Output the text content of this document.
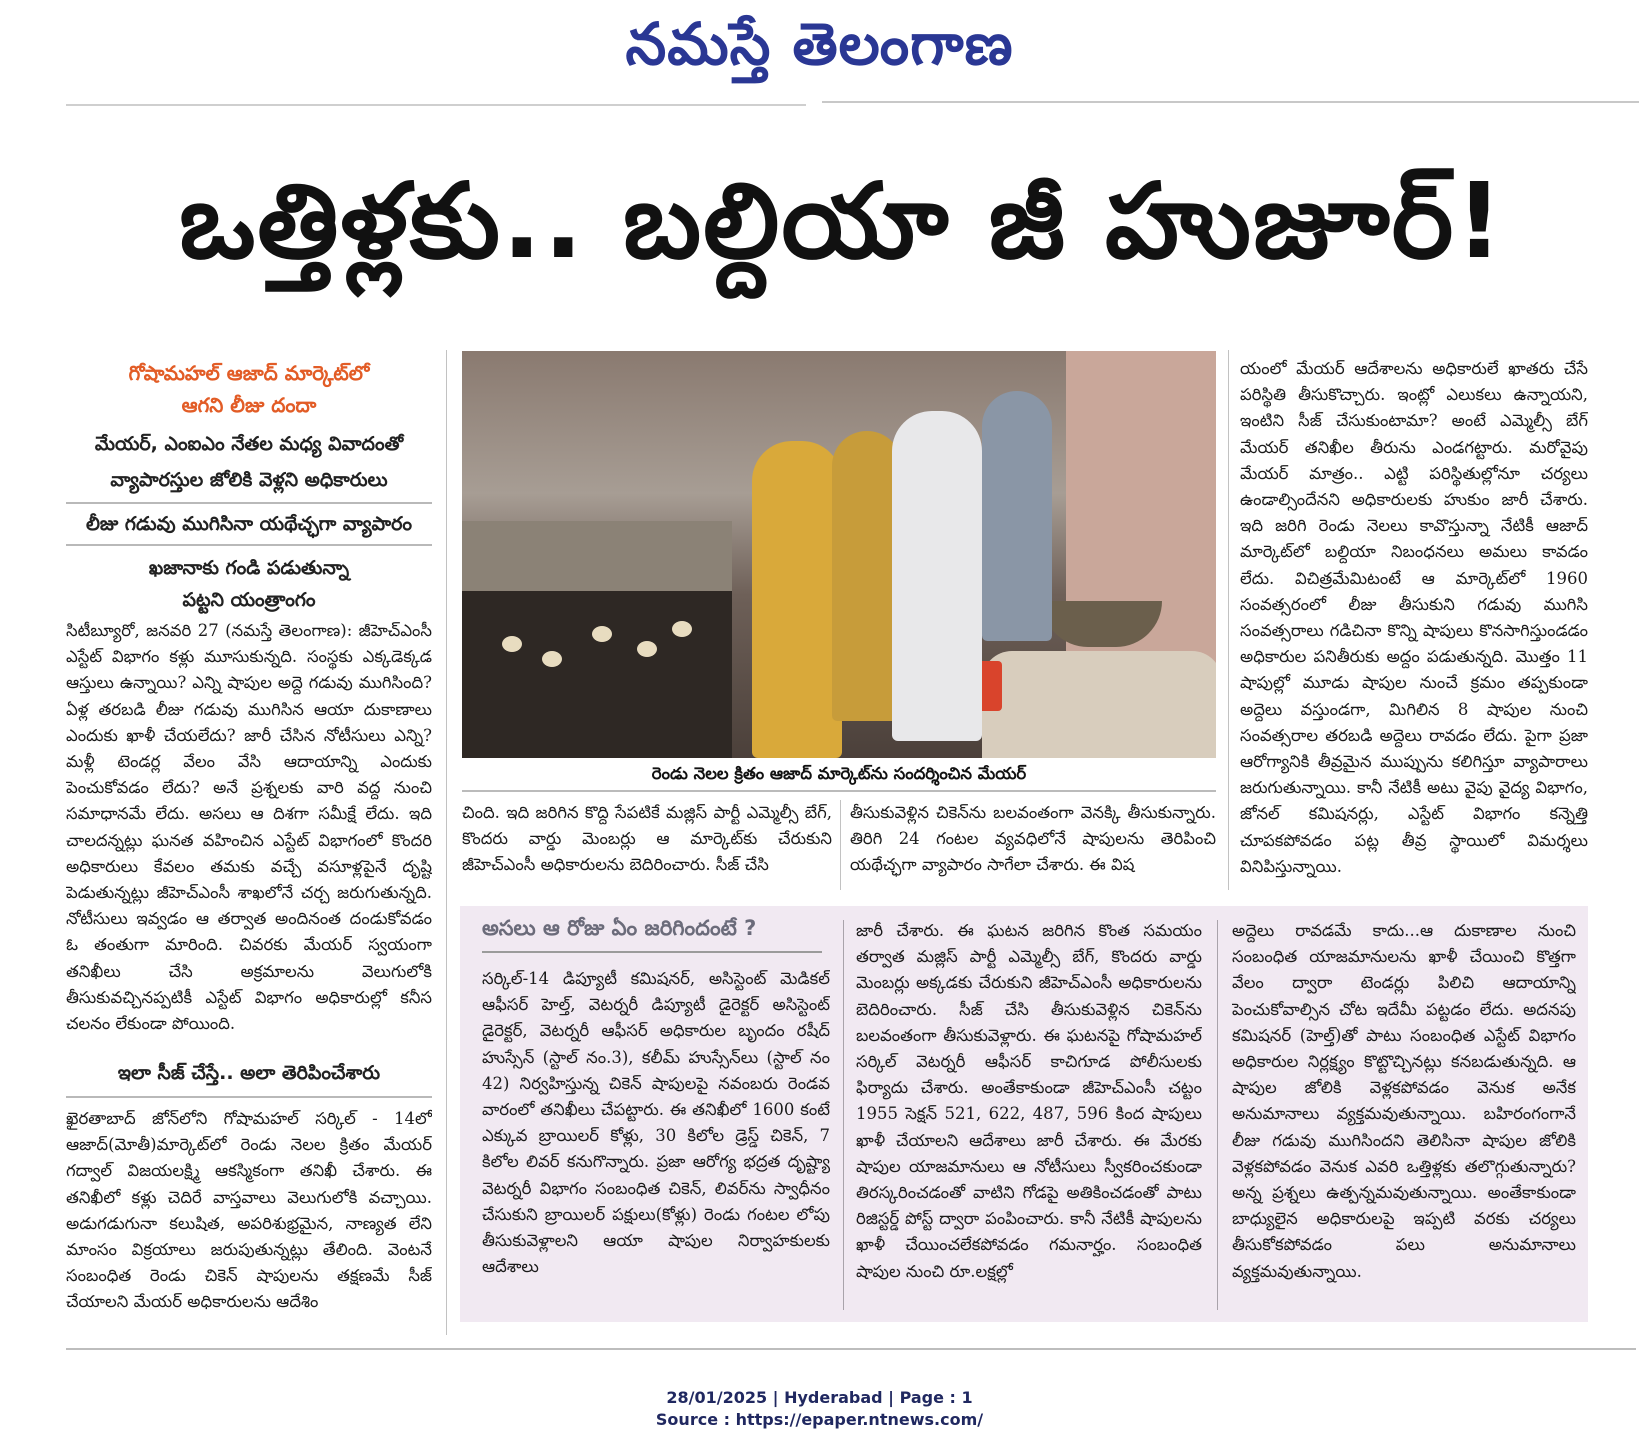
నమస్తే తెలంగాణ
ఒత్తిళ్లకు.. బల్దియా జీ హుజూర్!
గోషామహల్ ఆజాద్ మార్కెట్‌లో
ఆగని లీజు దందా
మేయర్, ఎంఐఎం నేతల మధ్య వివాదంతో
వ్యాపారస్తుల జోలికి వెళ్లని అధికారులు
లీజు గడువు ముగిసినా యథేచ్ఛగా వ్యాపారం
ఖజానాకు గండి పడుతున్నా
పట్టని యంత్రాంగం

సిటీబ్యూరో, జనవరి 27 (నమస్తే తెలంగాణ): జీహెచ్‌ఎంసీ ఎస్టేట్ విభాగం కళ్లు మూసుకున్నది. సంస్థకు ఎక్కడెక్కడ ఆస్తులు ఉన్నాయి? ఎన్ని షాపుల అద్దె గడువు ముగిసింది? ఏళ్ల తరబడి లీజు గడువు ముగిసిన ఆయా దుకాణాలు ఎందుకు ఖాళీ చేయలేదు? జారీ చేసిన నోటీసులు ఎన్ని? మళ్లీ టెండర్ల వేలం వేసి ఆదాయాన్ని ఎందుకు పెంచుకోవడం లేదు? అనే ప్రశ్నలకు వారి వద్ద నుంచి సమాధానమే లేదు. అసలు ఆ దిశగా సమీక్షే లేదు. ఇది చాలదన్నట్లు ఘనత వహించిన ఎస్టేట్ విభాగంలో కొందరి అధికారులు కేవలం తమకు వచ్చే వసూళ్లపైనే దృష్టి పెడుతున్నట్లు జీహెచ్‌ఎంసీ శాఖలోనే చర్చ జరుగుతున్నది. నోటీసులు ఇవ్వడం ఆ తర్వాత అందినంత దండుకోవడం ఓ తంతుగా మారింది. చివరకు మేయర్ స్వయంగా తనిఖీలు చేసి అక్రమాలను వెలుగులోకి తీసుకువచ్చినప్పటికీ ఎస్టేట్ విభాగం అధికారుల్లో కనీస చలనం లేకుండా పోయింది.

ఇలా సీజ్ చేస్తే.. అలా తెరిపించేశారు

ఖైరతాబాద్ జోన్‌లోని గోషామహల్ సర్కిల్ - 14లో ఆజాద్(మోతీ)మార్కెట్‌లో రెండు నెలల క్రితం మేయర్ గద్వాల్ విజయలక్ష్మి ఆకస్మికంగా తనిఖీ చేశారు. ఈ తనిఖీలో కళ్లు చెదిరే వాస్తవాలు వెలుగులోకి వచ్చాయి. అడుగడుగునా కలుషిత, అపరిశుభ్రమైన, నాణ్యత లేని మాంసం విక్రయాలు జరుపుతున్నట్లు తేలింది. వెంటనే సంబంధిత రెండు చికెన్ షాపులను తక్షణమే సీజ్ చేయాలని మేయర్ అధికారులను ఆదేశిం

రెండు నెలల క్రితం ఆజాద్ మార్కెట్‌ను సందర్శించిన మేయర్

చింది. ఇది జరిగిన కొద్ది సేపటికే మజ్లిస్ పార్టీ ఎమ్మెల్సీ బేగ్, కొందరు వార్డు మెంబర్లు ఆ మార్కెట్‌కు చేరుకుని జీహెచ్‌ఎంసీ అధికారులను బెదిరించారు. సీజ్ చేసి

తీసుకువెళ్లిన చికెన్‌ను బలవంతంగా వెనక్కి తీసుకున్నారు. తిరిగి 24 గంటల వ్యవధిలోనే షాపులను తెరిపించి యథేచ్ఛగా వ్యాపారం సాగేలా చేశారు. ఈ విష

యంలో మేయర్ ఆదేశాలను అధికారులే ఖాతరు చేసే పరిస్థితి తీసుకొచ్చారు. ఇంట్లో ఎలుకలు ఉన్నాయని, ఇంటిని సీజ్ చేసుకుంటామా? అంటే ఎమ్మెల్సీ బేగ్ మేయర్ తనిఖీల తీరును ఎండగట్టారు. మరోవైపు మేయర్ మాత్రం.. ఎట్టి పరిస్థితుల్లోనూ చర్యలు ఉండాల్సిందేనని అధికారులకు హుకుం జారీ చేశారు. ఇది జరిగి రెండు నెలలు కావొస్తున్నా నేటికీ ఆజాద్ మార్కెట్‌లో బల్దియా నిబంధనలు అమలు కావడం లేదు. విచిత్రమేమిటంటే ఆ మార్కెట్‌లో 1960 సంవత్సరంలో లీజు తీసుకుని గడువు ముగిసి సంవత్సరాలు గడిచినా కొన్ని షాపులు కొనసాగిస్తుండడం అధికారుల పనితీరుకు అద్దం పడుతున్నది. మొత్తం 11 షాపుల్లో మూడు షాపుల నుంచే క్రమం తప్పకుండా అద్దెలు వస్తుండగా, మిగిలిన 8 షాపుల నుంచి సంవత్సరాల తరబడి అద్దెలు రావడం లేదు. పైగా ప్రజా ఆరోగ్యానికి తీవ్రమైన ముప్పును కలిగిస్తూ వ్యాపారాలు జరుగుతున్నాయి. కానీ నేటికీ అటు వైపు వైద్య విభాగం, జోనల్ కమిషనర్లు, ఎస్టేట్ విభాగం కన్నెత్తి చూపకపోవడం పట్ల తీవ్ర స్థాయిలో విమర్శలు వినిపిస్తున్నాయి.

అసలు ఆ రోజు ఏం జరిగిందంటే ?

సర్కిల్-14 డిప్యూటీ కమిషనర్, అసిస్టెంట్ మెడికల్ ఆఫీసర్ హెల్త్, వెటర్నరీ డిప్యూటీ డైరెక్టర్ అసిస్టెంట్ డైరెక్టర్, వెటర్నరీ ఆఫీసర్ అధికారుల బృందం రషీద్ హుస్సేన్ (స్టాల్ నం.3), కలీమ్ హుస్సేన్‌లు (స్టాల్ నం 42) నిర్వహిస్తున్న చికెన్ షాపులపై నవంబరు రెండవ వారంలో తనిఖీలు చేపట్టారు. ఈ తనిఖీలో 1600 కంటే ఎక్కువ బ్రాయిలర్ కోళ్లు, 30 కిలోల డ్రెస్డ్ చికెన్, 7 కిలోల లివర్ కనుగొన్నారు. ప్రజా ఆరోగ్య భద్రత దృష్ట్యా వెటర్నరీ విభాగం సంబంధిత చికెన్, లివర్‌ను స్వాధీనం చేసుకుని బ్రాయిలర్ పక్షులు(కోళ్లు) రెండు గంటల లోపు తీసుకువెళ్లాలని ఆయా షాపుల నిర్వాహకులకు ఆదేశాలు

జారీ చేశారు. ఈ ఘటన జరిగిన కొంత సమయం తర్వాత మజ్లిస్ పార్టీ ఎమ్మెల్సీ బేగ్, కొందరు వార్డు మెంబర్లు అక్కడకు చేరుకుని జీహెచ్‌ఎంసీ అధికారులను బెదిరించారు. సీజ్ చేసి తీసుకువెళ్లిన చికెన్‌ను బలవంతంగా తీసుకువెళ్లారు. ఈ ఘటనపై గోషామహల్ సర్కిల్ వెటర్నరీ ఆఫీసర్ కాచిగూడ పోలీసులకు ఫిర్యాదు చేశారు. అంతేకాకుండా జీహెచ్‌ఎంసీ చట్టం 1955 సెక్షన్ 521, 622, 487, 596 కింద షాపులు ఖాళీ చేయాలని ఆదేశాలు జారీ చేశారు. ఈ మేరకు షాపుల యాజమానులు ఆ నోటీసులు స్వీకరించకుండా తిరస్కరించడంతో వాటిని గోడపై అతికించడంతో పాటు రిజిస్టర్డ్ పోస్ట్ ద్వారా పంపించారు. కానీ నేటికీ షాపులను ఖాళీ చేయించలేకపోవడం గమనార్హం. సంబంధిత షాపుల నుంచి రూ.లక్షల్లో

అద్దెలు రావడమే కాదు...ఆ దుకాణాల నుంచి సంబంధిత యాజమానులను ఖాళీ చేయించి కొత్తగా వేలం ద్వారా టెండర్లు పిలిచి ఆదాయాన్ని పెంచుకోవాల్సిన చోట ఇదేమీ పట్టడం లేదు. అదనపు కమిషనర్ (హెల్త్)తో పాటు సంబంధిత ఎస్టేట్ విభాగం అధికారుల నిర్లక్ష్యం కొట్టొచ్చినట్లు కనబడుతున్నది. ఆ షాపుల జోలికి వెళ్లకపోవడం వెనుక అనేక అనుమానాలు వ్యక్తమవుతున్నాయి. బహిరంగంగానే లీజు గడువు ముగిసిందని తెలిసినా షాపుల జోలికి వెళ్లకపోవడం వెనుక ఎవరి ఒత్తిళ్లకు తలొగ్గుతున్నారు? అన్న ప్రశ్నలు ఉత్పన్నమవుతున్నాయి. అంతేకాకుండా బాధ్యులైన అధికారులపై ఇప్పటి వరకు చర్యలు తీసుకోకపోవడం పలు అనుమానాలు వ్యక్తమవుతున్నాయి.

28/01/2025 | Hyderabad | Page : 1
Source : https://epaper.ntnews.com/
